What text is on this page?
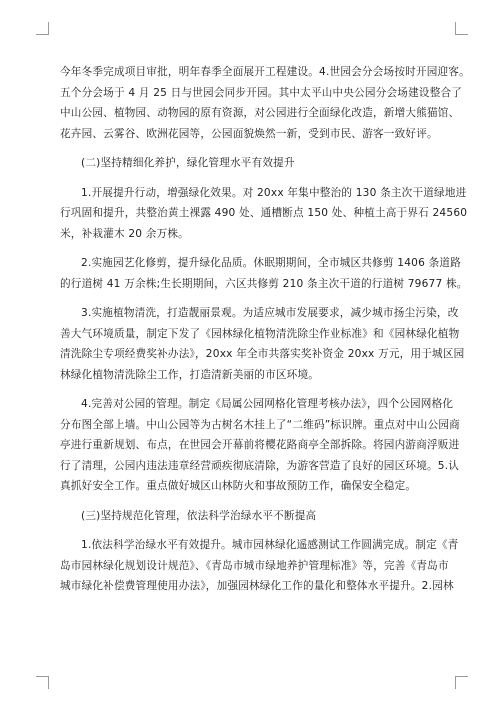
今年冬季完成项目审批，明年春季全面展开工程建设。4.世园会分会场按时开园迎客。
五个分会场于 4 月 25 日与世园会同步开园。其中太平山中央公园分会场建设整合了
中山公园、植物园、动物园的原有资源，对公园进行全面绿化改造，新增大熊猫馆、
花卉园、云雾谷、欧洲花园等，公园面貌焕然一新，受到市民、游客一致好评。

(二)坚持精细化养护，绿化管理水平有效提升

1.开展提升行动，增强绿化效果。对 20xx 年集中整治的 130 条主次干道绿地进
行巩固和提升，共整治黄土裸露 490 处、通槽断点 150 处、种植土高于界石 24560
米，补栽灌木 20 余万株。

2.实施园艺化修剪，提升绿化品质。休眠期期间，全市城区共修剪 1406 条道路
的行道树 41 万余株;生长期期间，六区共修剪 210 条主次干道的行道树 79677 株。

3.实施植物清洗，打造靓丽景观。为适应城市发展要求，减少城市扬尘污染，改
善大气环境质量，制定下发了《园林绿化植物清洗除尘作业标准》和《园林绿化植物
清洗除尘专项经费奖补办法》，20xx 年全市共落实奖补资金 20xx 万元，用于城区园
林绿化植物清洗除尘工作，打造清新美丽的市区环境。

4.完善对公园的管理。制定《局属公园网格化管理考核办法》，四个公园网格化
分布图全部上墙。中山公园等为古树名木挂上了“二维码”标识牌。重点对中山公园商
亭进行重新规划、布点，在世园会开幕前将樱花路商亭全部拆除。将园内游商浮贩进
行了清理，公园内违法违章经营顽疾彻底清除，为游客营造了良好的园区环境。5.认
真抓好安全工作。重点做好城区山林防火和事故预防工作，确保安全稳定。

(三)坚持规范化管理，依法科学治绿水平不断提高

1.依法科学治绿水平有效提升。城市园林绿化遥感测试工作圆满完成。制定《青
岛市园林绿化规划设计规范》、《青岛市城市绿地养护管理标准》等，完善《青岛市
城市绿化补偿费管理使用办法》，加强园林绿化工作的量化和整体水平提升。2.园林
